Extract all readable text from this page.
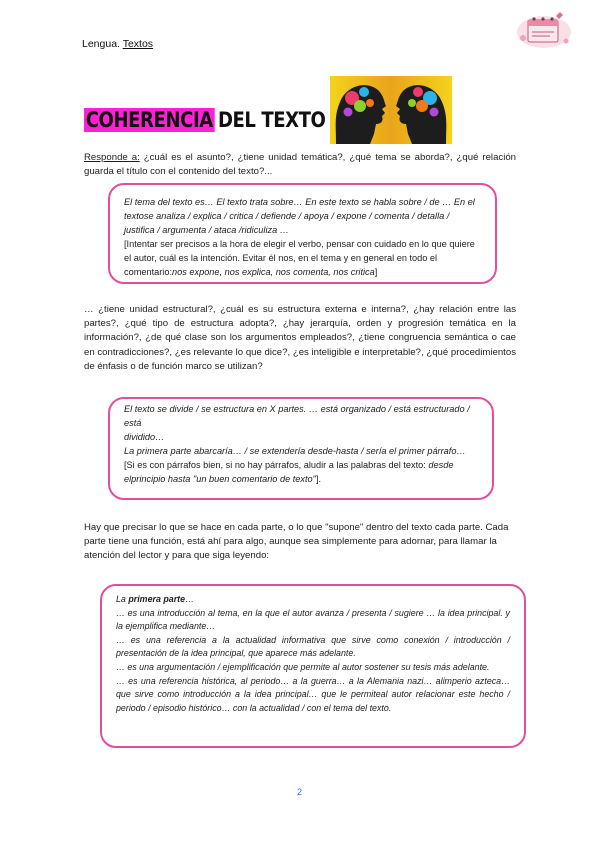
Lengua. Textos
COHERENCIA DEL TEXTO
Responde a: ¿cuál es el asunto?, ¿tiene unidad temática?, ¿qué tema se aborda?, ¿qué relación guarda el título con el contenido del texto?...
El tema del texto es… El texto trata sobre… En este texto se habla sobre / de … En el textose analiza / explica / critica / defiende / apoya / expone / comenta / detalla / justifica / argumenta / ataca /ridiculiza …
[Intentar ser precisos a la hora de elegir el verbo, pensar con cuidado en lo que quiere el autor, cuál es la intención. Evitar él nos, en el tema y en general en todo el comentario:nos expone, nos explica, nos comenta, nos critica]
… ¿tiene unidad estructural?, ¿cuál es su estructura externa e interna?, ¿hay relación entre las partes?, ¿qué tipo de estructura adopta?, ¿hay jerarquía, orden y progresión temática en la información?, ¿de qué clase son los argumentos empleados?, ¿tiene congruencia semántica o cae en contradicciones?, ¿es relevante lo que dice?, ¿es inteligible e interpretable?, ¿qué procedimientos de énfasis o de función marco se utilizan?
El texto se divide / se estructura en X partes. … está organizado / está estructurado / está
dividido…
La primera parte abarcaría… / se extendería desde-hasta / sería el primer párrafo…
[Si es con párrafos bien, si no hay párrafos, aludir a las palabras del texto: desde elprincipio hasta "un buen comentario de texto"].
Hay que precisar lo que se hace en cada parte, o lo que "supone" dentro del texto cada parte. Cada parte tiene una función, está ahí para algo, aunque sea simplemente para adornar, para llamar la atención del lector y para que siga leyendo:
La primera parte…
… es una introducción al tema, en la que el autor avanza / presenta / sugiere … la idea principal. y la ejemplifica mediante…
… es una referencia a la actualidad informativa que sirve como conexión / introducción / presentación de la idea principal, que aparece más adelante.
… es una argumentación / ejemplificación que permite al autor sostener su tesis más adelante.
… es una referencia histórica, al periodo… a la guerra… a la Alemania nazi… alimperio azteca… que sirve como introducción a la idea principal… que le permiteal autor relacionar este hecho / periodo / episodio histórico… con la actualidad / con el tema del texto.
2
